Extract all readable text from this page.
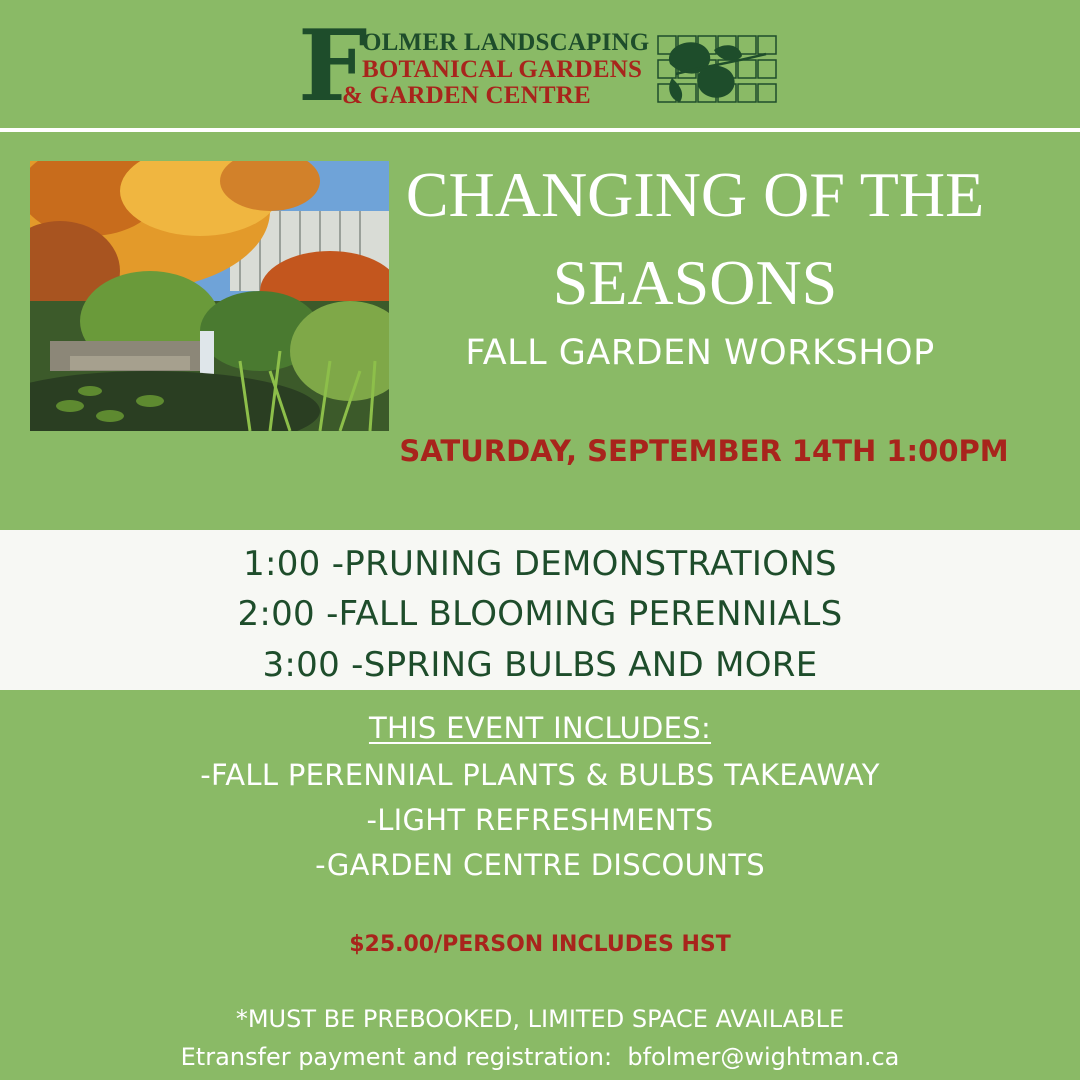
F
OLMER LANDSCAPING
BOTANICAL GARDENS
& GARDEN CENTRE
CHANGING OF THE
SEASONS
FALL GARDEN WORKSHOP
SATURDAY, SEPTEMBER 14TH 1:00PM
1:00 -PRUNING DEMONSTRATIONS
2:00 -FALL BLOOMING PERENNIALS
3:00 -SPRING BULBS AND MORE
THIS EVENT INCLUDES:
-FALL PERENNIAL PLANTS & BULBS TAKEAWAY
-LIGHT REFRESHMENTS
-GARDEN CENTRE DISCOUNTS
$25.00/PERSON INCLUDES HST
*MUST BE PREBOOKED, LIMITED SPACE AVAILABLE
Etransfer payment and registration:  bfolmer@wightman.ca
